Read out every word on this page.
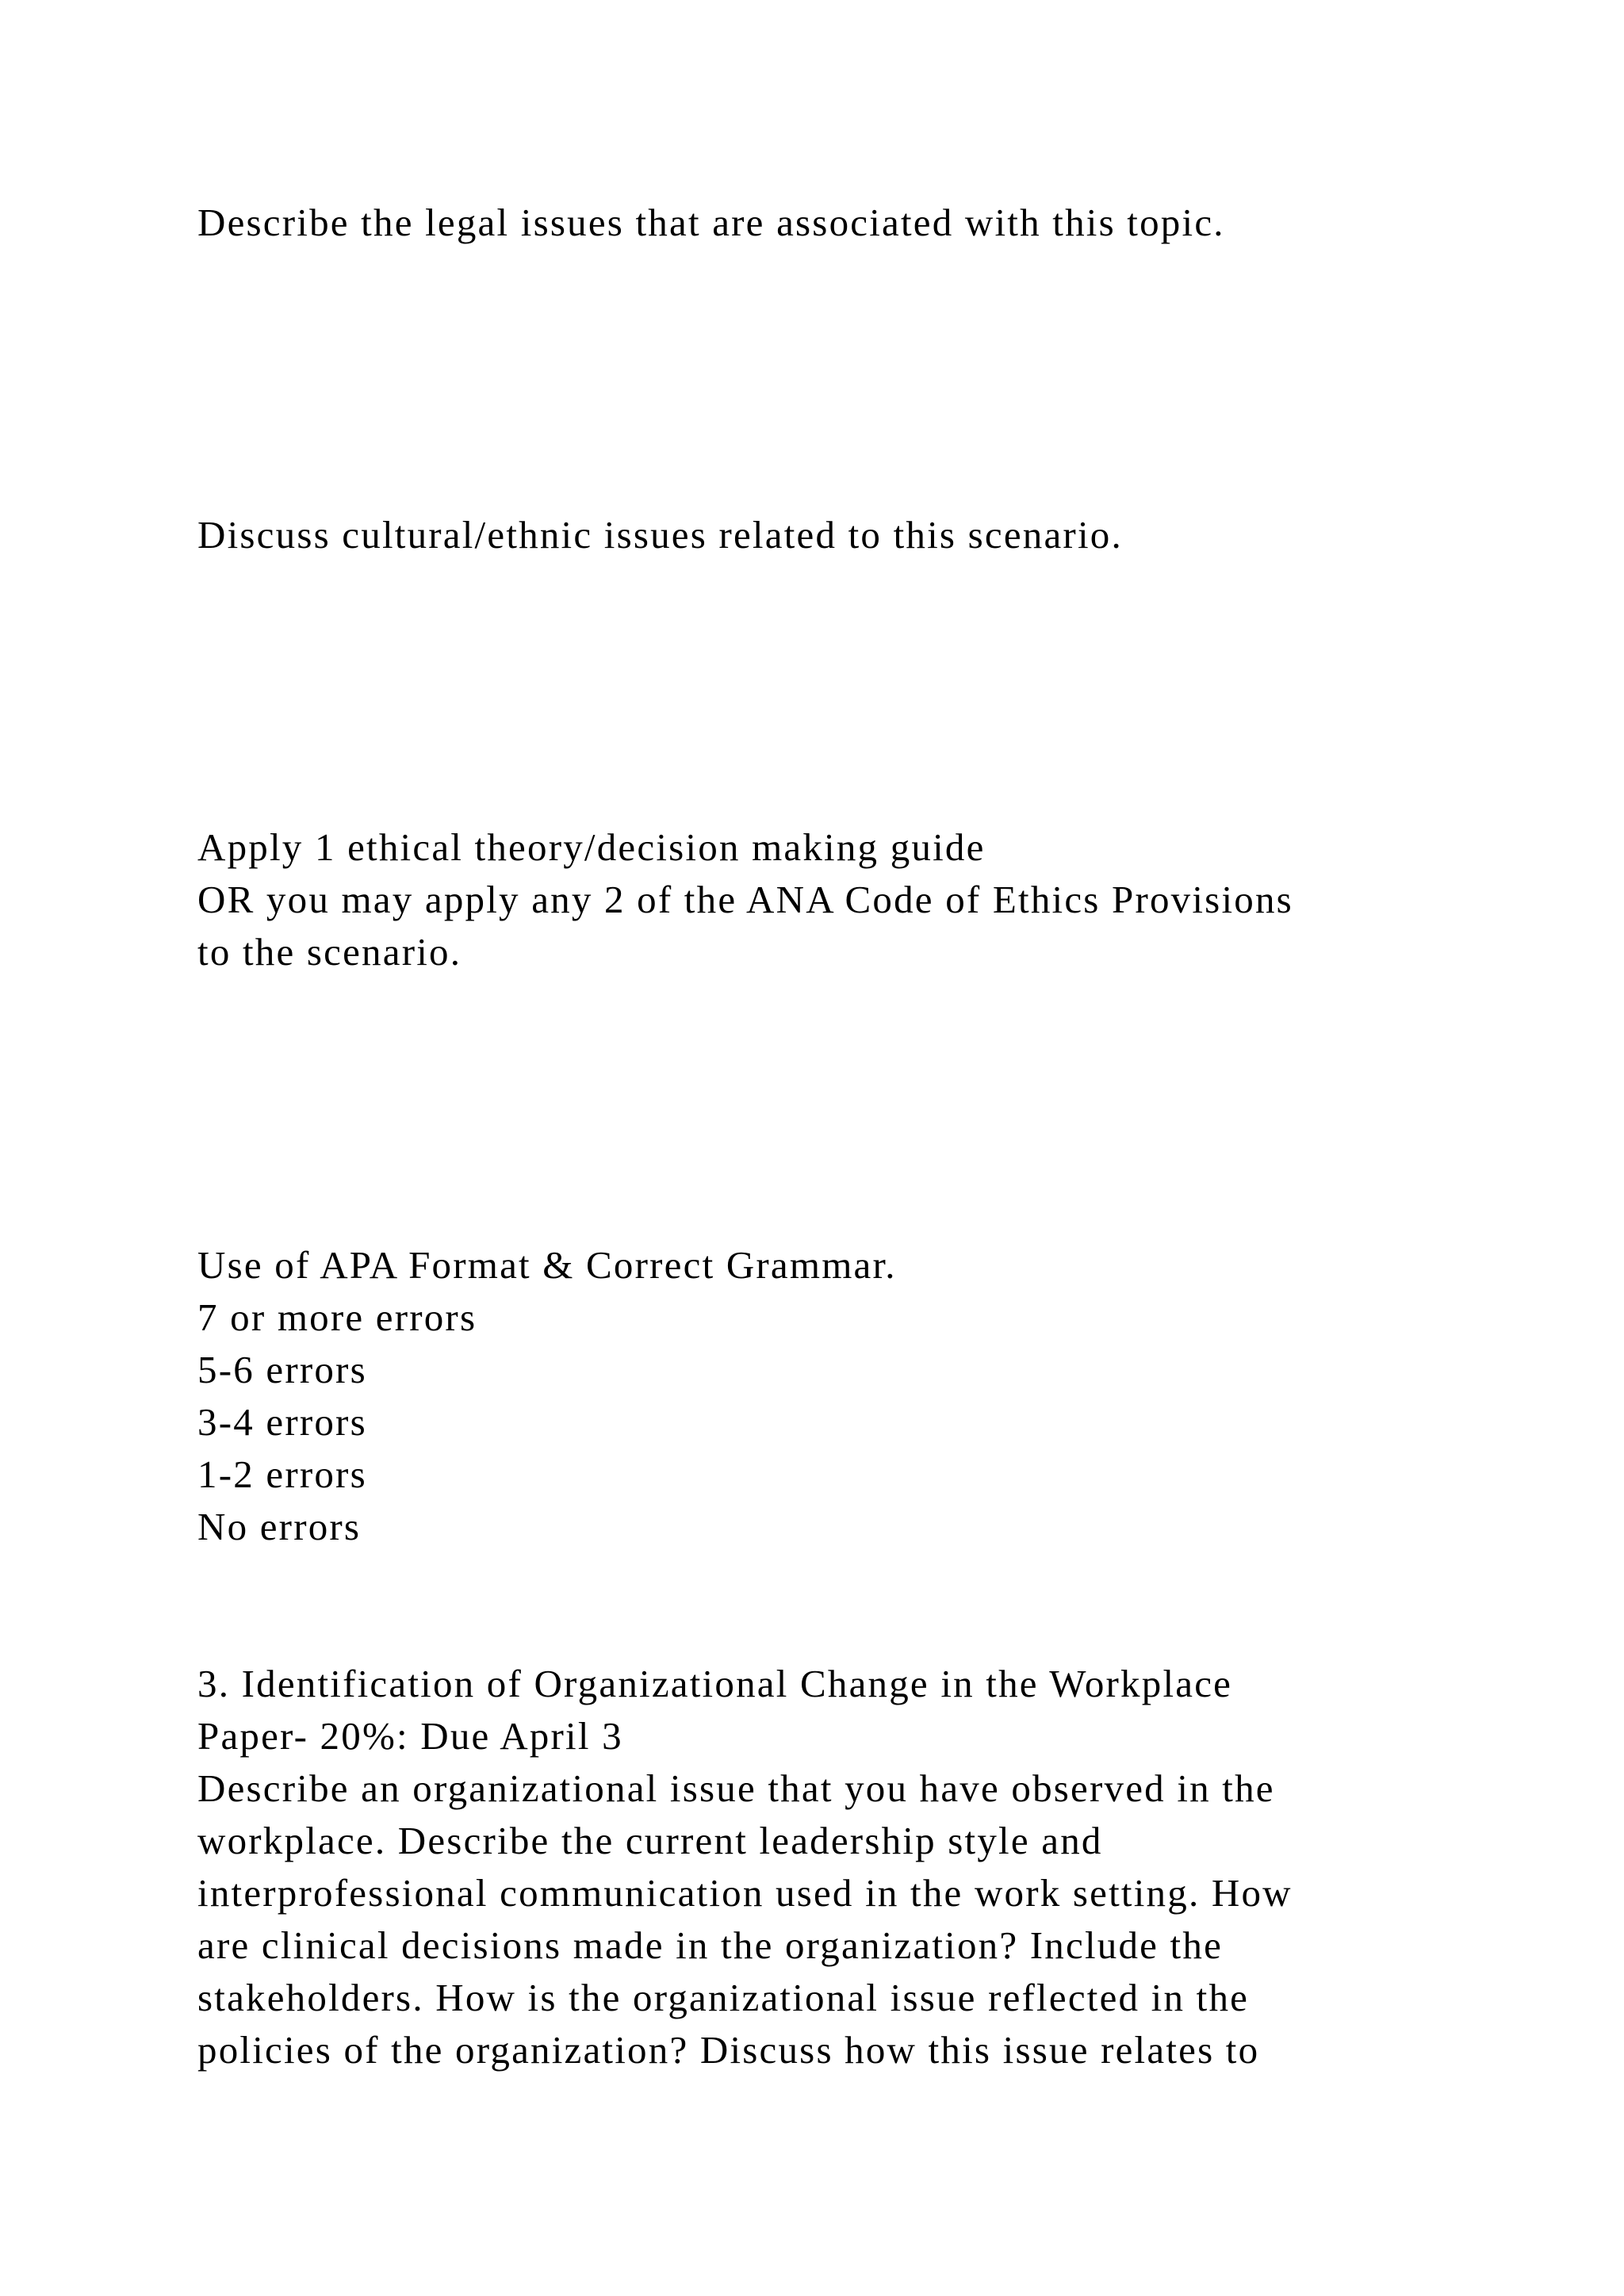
Describe the legal issues that are associated with this topic.

Discuss cultural/ethnic issues related to this scenario.

Apply 1 ethical theory/decision making guide

OR you may apply any 2 of the ANA Code of Ethics Provisions

to the scenario.

Use of APA Format & Correct Grammar.

7 or more errors

5-6 errors

3-4 errors

1-2 errors

No errors

3. Identification of Organizational Change in the Workplace

Paper- 20%: Due April 3

Describe an organizational issue that you have observed in the

workplace. Describe the current leadership style and

interprofessional communication used in the work setting. How

are clinical decisions made in the organization? Include the

stakeholders. How is the organizational issue reflected in the

policies of the organization? Discuss how this issue relates to
